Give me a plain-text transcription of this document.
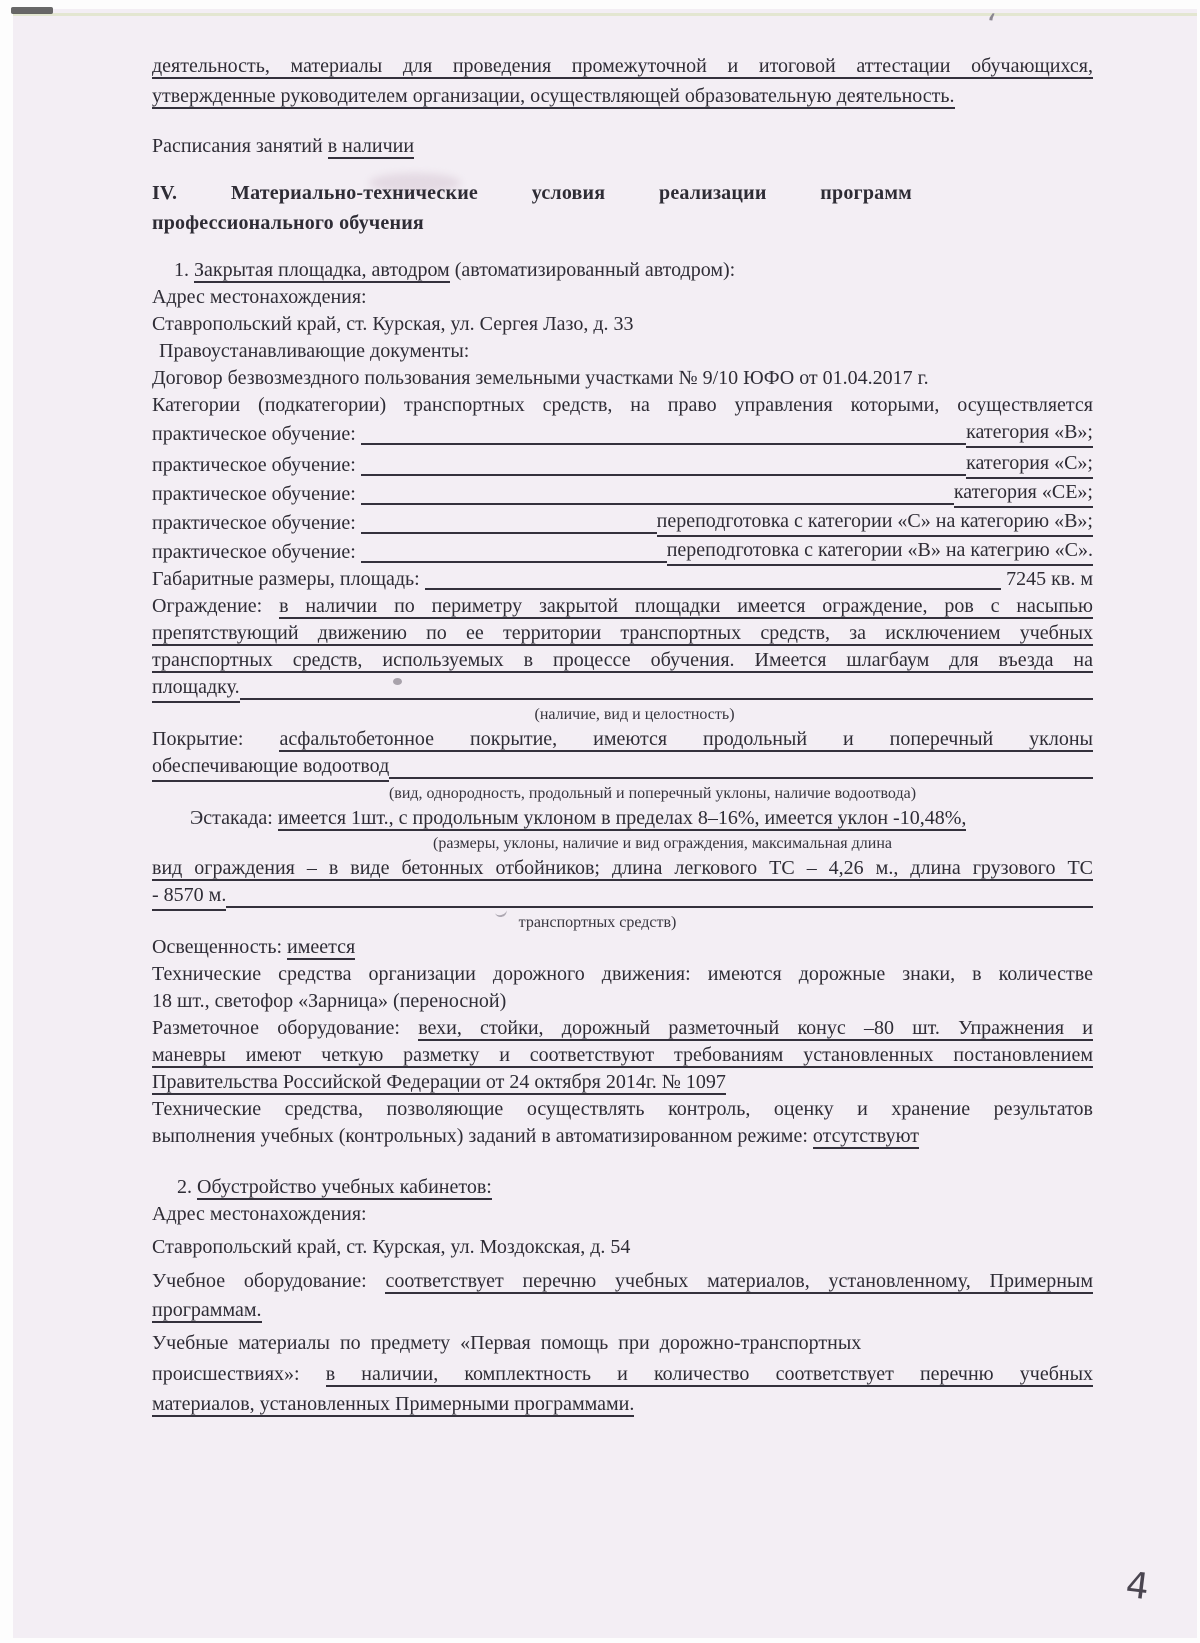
ʻ
деятельность, материалы для проведения промежуточной и итоговой аттестации обучающихся,
утвержденные руководителем организации, осуществляющей образовательную деятельность.
Расписания занятий в наличии
IV. Материально-технические условия реализации программ
профессионального обучения
1. Закрытая площадка, автодром (автоматизированный автодром):
Адрес местонахождения:
Ставропольский край, ст. Курская, ул. Сергея Лазо, д. 33
Правоустанавливающие документы:
Договор безвозмездного пользования земельными участками № 9/10 ЮФО от 01.04.2017 г.
Категории (подкатегории) транспортных средств, на право управления которыми, осуществляется
практическое обучение:	категория «В»;
практическое обучение:	категория «С»;
практическое обучение:	категория «СЕ»;
практическое обучение:	переподготовка с категории «С» на категорию «В»;
практическое обучение:	переподготовка с категории «В» на категрию «С».
Габаритные размеры, площадь:	7245 кв. м
Ограждение: в наличии по периметру закрытой площадки имеется ограждение, ров с насыпью
препятствующий движению по ее территории транспортных средств, за исключением учебных
транспортных средств, используемых в процессе обучения. Имеется шлагбаум для въезда на
площадку.
(наличие, вид и целостность)
Покрытие: асфальтобетонное покрытие, имеются продольный и поперечный уклоны
обеспечивающие водоотвод
(вид, однородность, продольный и поперечный уклоны, наличие водоотвода)
Эстакада: имеется 1шт., с продольным уклоном в пределах 8–16%, имеется уклон -10,48%,
(размеры, уклоны, наличие и вид ограждения, максимальная длина
вид ограждения – в виде бетонных отбойников; длина легкового ТС – 4,26 м., длина грузового ТС
- 8570 м.
транспортных средств)
Освещенность: имеется
Технические средства организации дорожного движения: имеются дорожные знаки, в количестве
18 шт., светофор «Зарница» (переносной)
Разметочное оборудование: вехи, стойки, дорожный разметочный конус –80 шт. Упражнения и
маневры имеют четкую разметку и соответствуют требованиям установленных постановлением
Правительства Российской Федерации от 24 октября 2014г. № 1097
Технические средства, позволяющие осуществлять контроль, оценку и хранение результатов
выполнения учебных (контрольных) заданий в автоматизированном режиме: отсутствуют
2. Обустройство учебных кабинетов:
Адрес местонахождения:
Ставропольский край, ст. Курская, ул. Моздокская, д. 54
Учебное оборудование: соответствует перечню учебных материалов, установленному, Примерным
программам.
Учебные материалы по предмету «Первая помощь при дорожно-транспортных
происшествиях»: в наличии, комплектность и количество соответствует перечню учебных
материалов, установленных Примерными программами.
4
